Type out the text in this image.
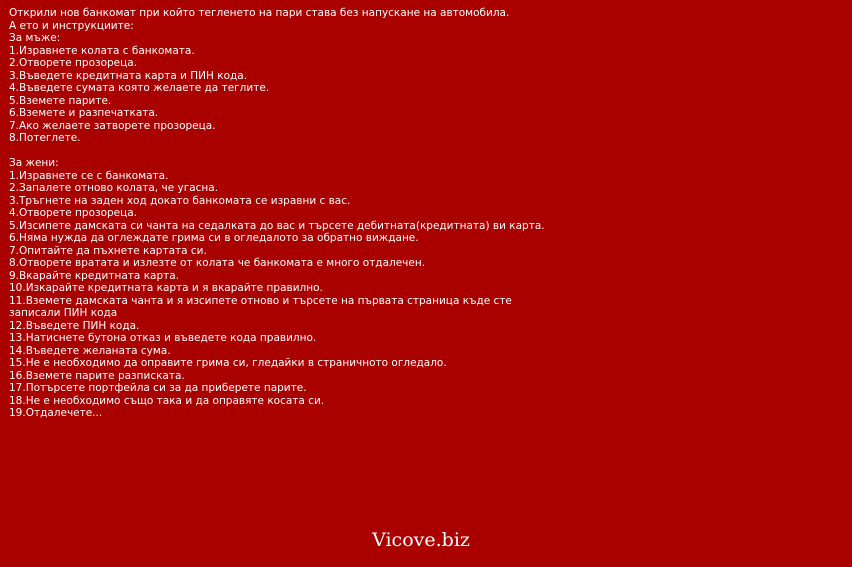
Открили нов банкомат при който тегленето на пари става без напускане на автомобила.
А ето и инструкциите:
За мъже:
1.Изравнете колата с банкомата.
2.Отворете прозореца.
3.Въведете кредитната карта и ПИН кода.
4.Въведете сумата която желаете да теглите.
5.Вземете парите.
6.Вземете и разпечатката.
7.Ако желаете затворете прозореца.
8.Потеглете.
За жени:
1.Изравнете се с банкомата.
2.Запалете отново колата, че угасна.
3.Тръгнете на заден ход докато банкомата се изравни с вас.
4.Отворете прозореца.
5.Изсипете дамската си чанта на седалката до вас и търсете дебитната(кредитната) ви карта.
6.Няма нужда да оглеждате грима си в огледалото за обратно виждане.
7.Опитайте да пъхнете картата си.
8.Отворете вратата и излезте от колата че банкомата е много отдалечен.
9.Вкарайте кредитната карта.
10.Изкарайте кредитната карта и я вкарайте правилно.
11.Вземете дамската чанта и я изсипете отново и търсете на първата страница къде сте записали ПИН кода
12.Въведете ПИН кода.
13.Натиснете бутона отказ и въведете кода правилно.
14.Въведете желаната сума.
15.Не е необходимо да оправите грима си, гледайки в страничното огледало.
16.Вземете парите разписката.
17.Потърсете портфейла си за да приберете парите.
18.Не е необходимо също така и да оправяте косата си.
19.Отдалечете...
Vicove.biz
